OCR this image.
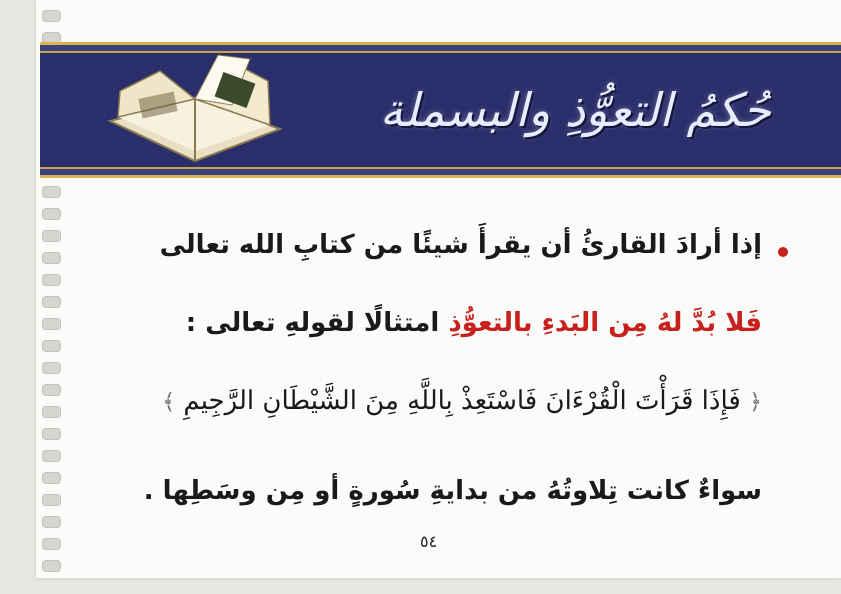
حُكمُ التعوُّذِ والبسملة
إذا أرادَ القارئُ أن يقرأَ شيئًا من كتابِ الله تعالى
فَلا بُدَّ لهُ مِن البَدءِ بالتعوُّذِ امتثالًا لقولهِ تعالى :
﴿ فَإِذَا قَرَأْتَ الْقُرْءَانَ فَاسْتَعِذْ بِاللَّهِ مِنَ الشَّيْطَانِ الرَّجِيمِ ﴾
سواءٌ كانت تِلاوتُهُ من بدايةِ سُورةٍ أو مِن وسَطِها .
٥٤
